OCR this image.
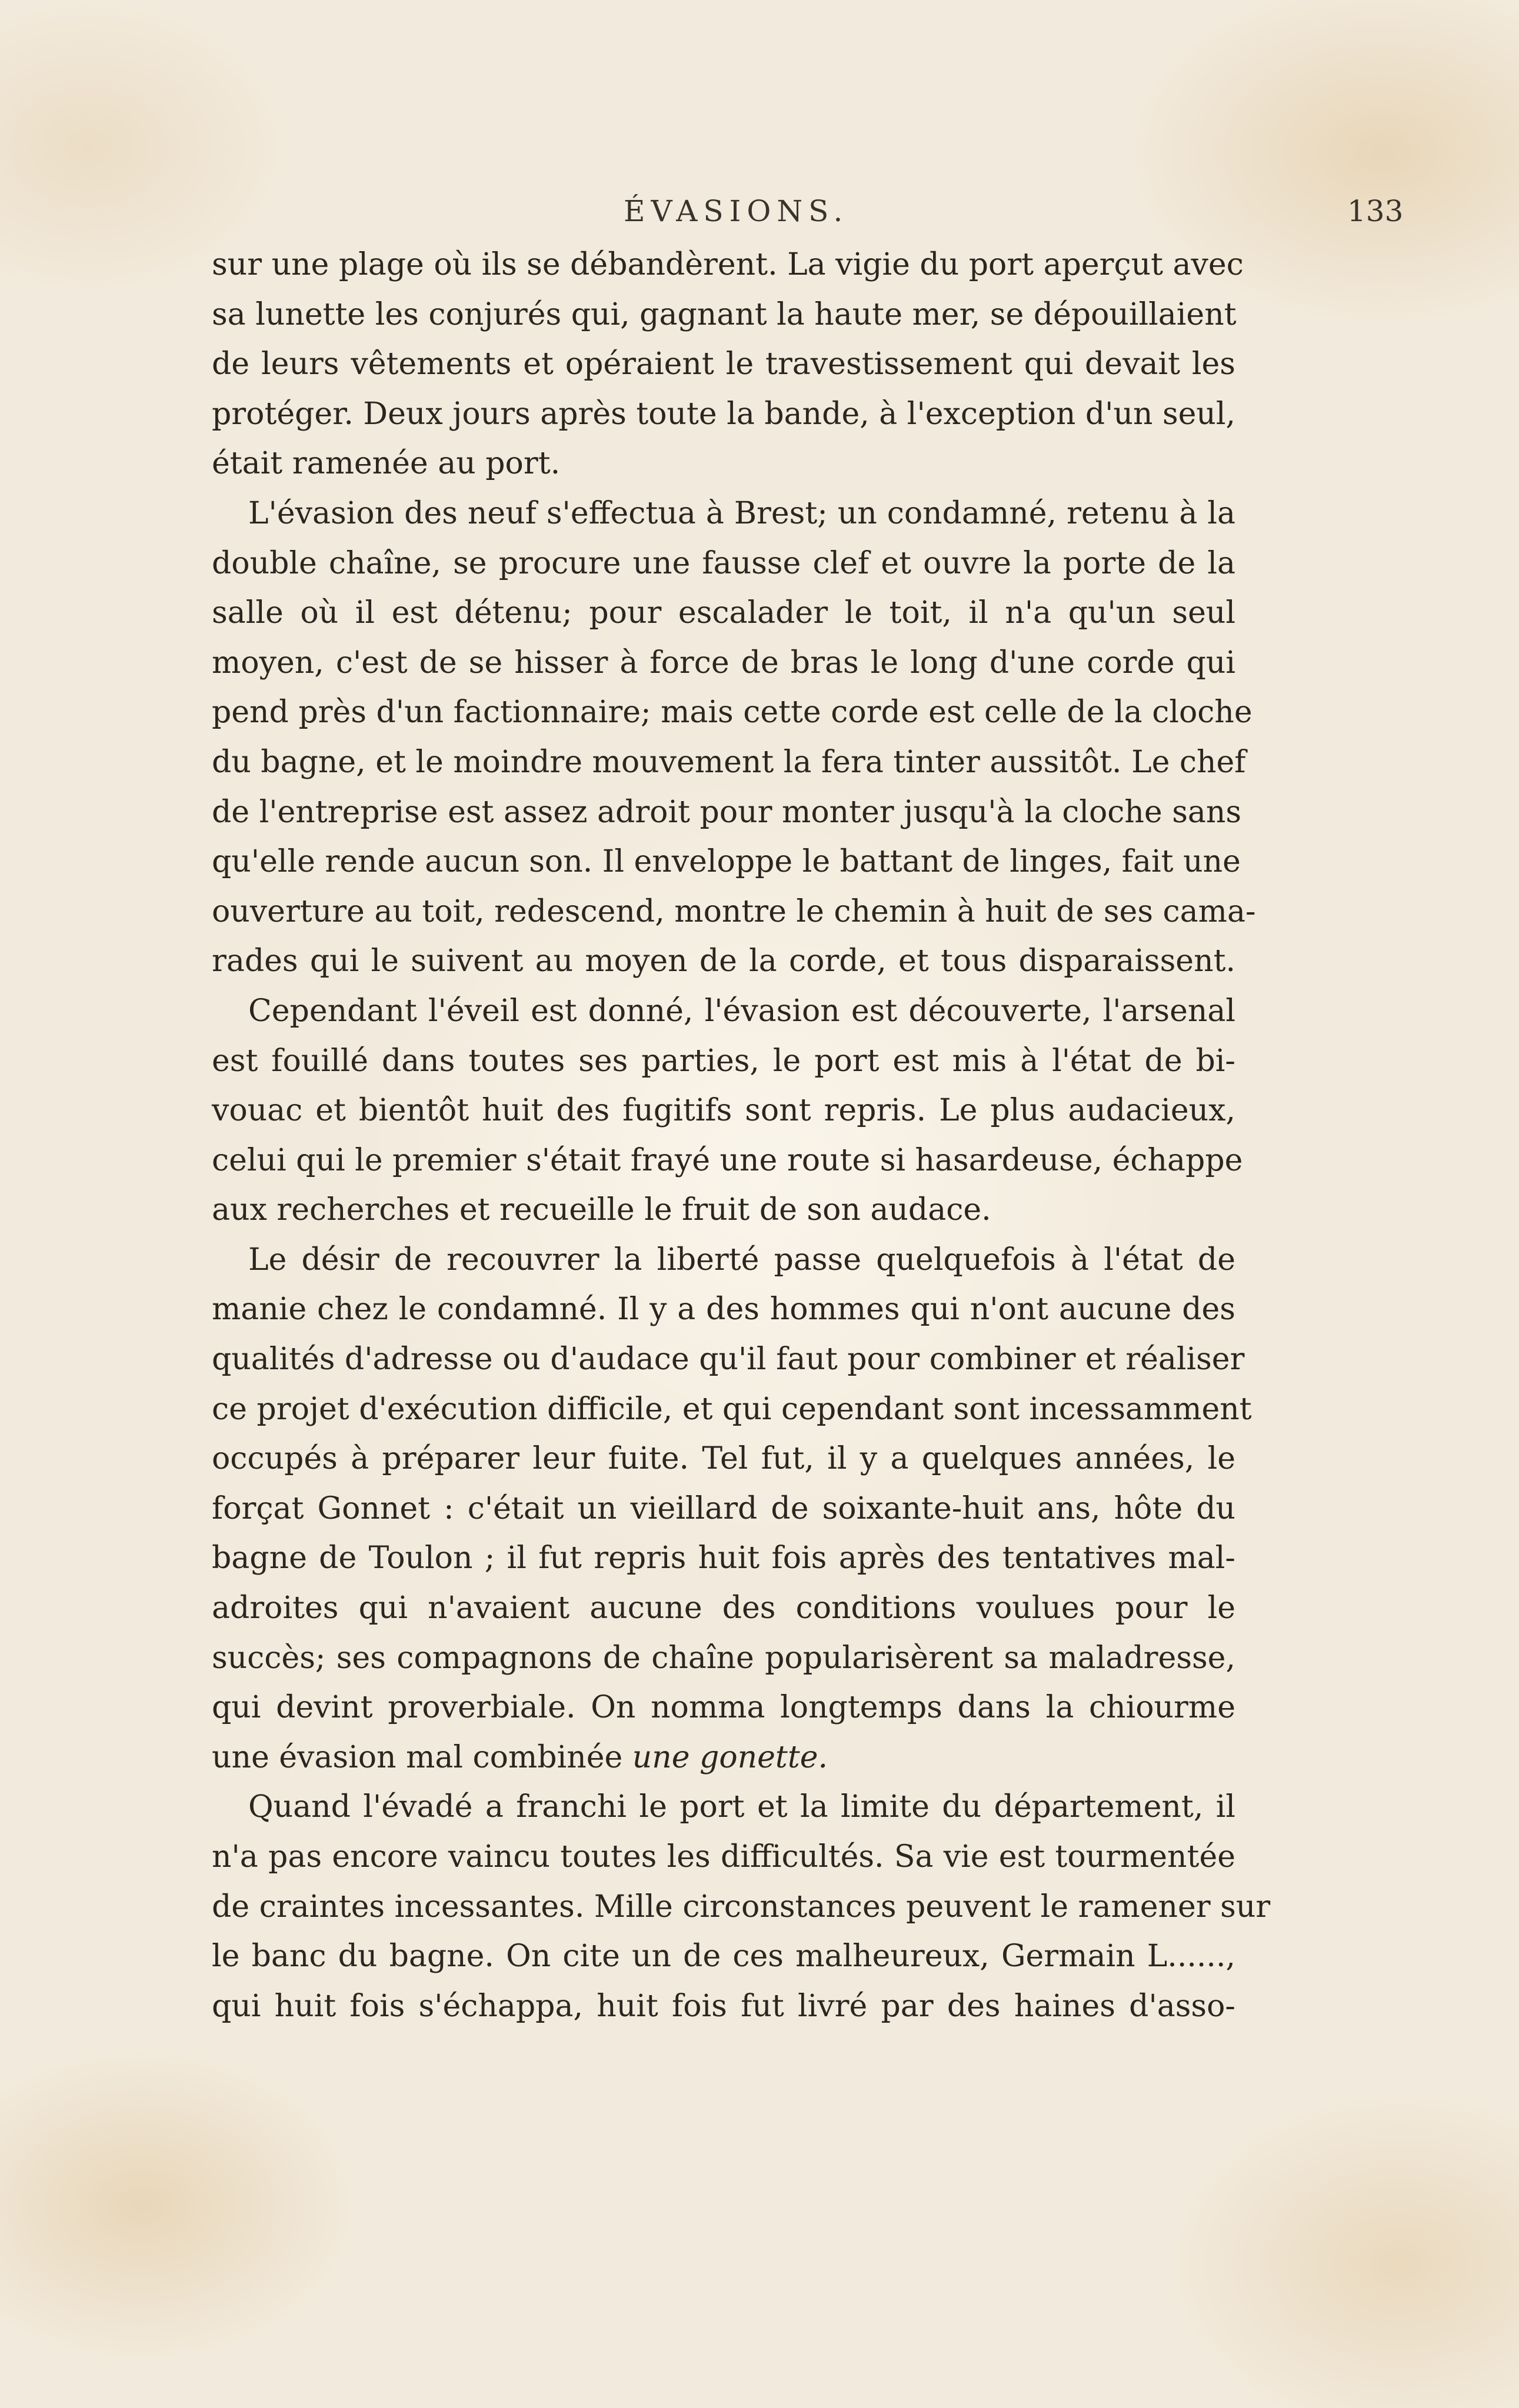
ÉVASIONS.	133
sur une plage où ils se débandèrent. La vigie du port aperçut avec
sa lunette les conjurés qui, gagnant la haute mer, se dépouillaient
de leurs vêtements et opéraient le travestissement qui devait les
protéger. Deux jours après toute la bande, à l'exception d'un seul,
était ramenée au port.
L'évasion des neuf s'effectua à Brest; un condamné, retenu à la
double chaîne, se procure une fausse clef et ouvre la porte de la
salle où il est détenu; pour escalader le toit, il n'a qu'un seul
moyen, c'est de se hisser à force de bras le long d'une corde qui
pend près d'un factionnaire; mais cette corde est celle de la cloche
du bagne, et le moindre mouvement la fera tinter aussitôt. Le chef
de l'entreprise est assez adroit pour monter jusqu'à la cloche sans
qu'elle rende aucun son. Il enveloppe le battant de linges, fait une
ouverture au toit, redescend, montre le chemin à huit de ses cama-
rades qui le suivent au moyen de la corde, et tous disparaissent.
Cependant l'éveil est donné, l'évasion est découverte, l'arsenal
est fouillé dans toutes ses parties, le port est mis à l'état de bi-
vouac et bientôt huit des fugitifs sont repris. Le plus audacieux,
celui qui le premier s'était frayé une route si hasardeuse, échappe
aux recherches et recueille le fruit de son audace.
Le désir de recouvrer la liberté passe quelquefois à l'état de
manie chez le condamné. Il y a des hommes qui n'ont aucune des
qualités d'adresse ou d'audace qu'il faut pour combiner et réaliser
ce projet d'exécution difficile, et qui cependant sont incessamment
occupés à préparer leur fuite. Tel fut, il y a quelques années, le
forçat Gonnet : c'était un vieillard de soixante-huit ans, hôte du
bagne de Toulon ; il fut repris huit fois après des tentatives mal-
adroites qui n'avaient aucune des conditions voulues pour le
succès; ses compagnons de chaîne popularisèrent sa maladresse,
qui devint proverbiale. On nomma longtemps dans la chiourme
une évasion mal combinée une gonette.
Quand l'évadé a franchi le port et la limite du département, il
n'a pas encore vaincu toutes les difficultés. Sa vie est tourmentée
de craintes incessantes. Mille circonstances peuvent le ramener sur
le banc du bagne. On cite un de ces malheureux, Germain L......,
qui huit fois s'échappa, huit fois fut livré par des haines d'asso-
